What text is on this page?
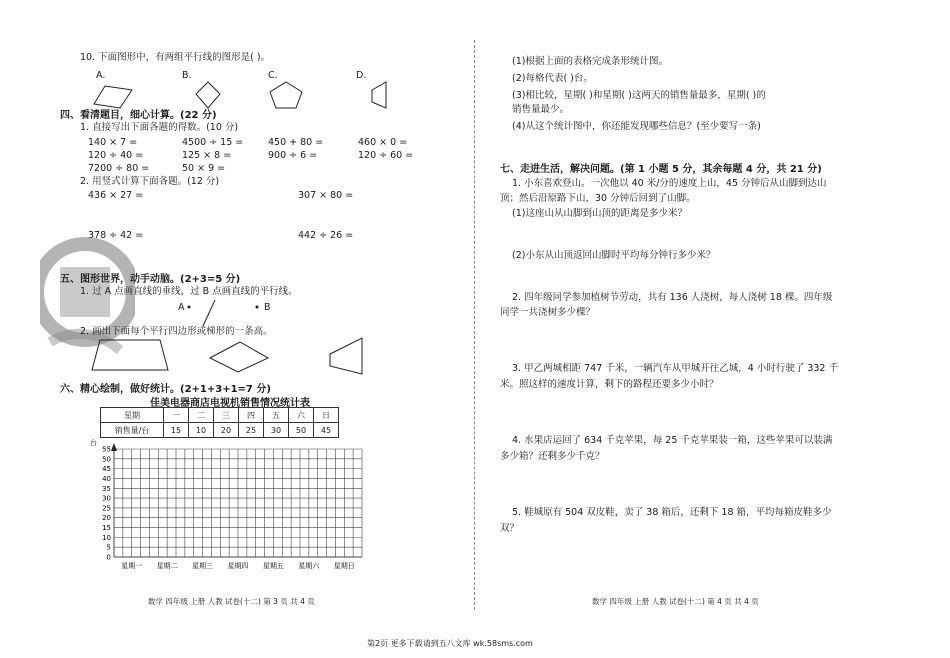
10. 下面图形中，有两组平行线的图形是( )。
A.	B.	C.	D.
四、看清题目，细心计算。(22 分)
1. 直接写出下面各题的得数。(10 分)
140 × 7 =	4500 ÷ 15 =	450 + 80 =	460 × 0 =
120 ÷ 40 =	125 × 8 =	900 ÷ 6 =	120 ÷ 60 =
7200 ÷ 80 =	50 × 9 =
2. 用竖式计算下面各题。(12 分)
436 × 27 =	307 × 80 =
378 ÷ 42 =	442 ÷ 26 =
五、图形世界，动手动脑。(2+3=5 分)
1. 过 A 点画直线的垂线，过 B 点画直线的平行线。
A	B
2. 画出下面每个平行四边形或梯形的一条高。
六、精心绘制，做好统计。(2+1+3+1=7 分)
佳美电器商店电视机销售情况统计表
星期	一	二	三	四	五	六	日
销售量/台	15	10	20	25	30	50	45
台
0
5
10
15
20
25
30
35
40
45
50
55
星期一 星期二 星期三 星期四 星期五 星期六 星期日
数学 四年级 上册 人教 试卷(十二) 第 3 页 共 4 页
(1)根据上面的表格完成条形统计图。
(2)每格代表( )台。
(3)相比较，星期( )和星期( )这两天的销售量最多，星期( )的
销售量最少。
(4)从这个统计图中，你还能发现哪些信息？(至少要写一条)
七、走进生活，解决问题。(第 1 小题 5 分，其余每题 4 分，共 21 分)
1. 小东喜欢登山。一次他以 40 米/分的速度上山，45 分钟后从山脚到达山
顶；然后沿原路下山，30 分钟后回到了山脚。
(1)这座山从山脚到山顶的距离是多少米？
(2)小东从山顶返回山脚时平均每分钟行多少米？
2. 四年级同学参加植树节劳动，共有 136 人浇树，每人浇树 18 棵。四年级
同学一共浇树多少棵？
3. 甲乙两城相距 747 千米，一辆汽车从甲城开往乙城，4 小时行驶了 332 千
米。照这样的速度计算，剩下的路程还要多少小时？
4. 水果店运回了 634 千克苹果，每 25 千克苹果装一箱，这些苹果可以装满
多少箱？还剩多少千克？
5. 鞋城原有 504 双皮鞋，卖了 38 箱后，还剩下 18 箱，平均每箱皮鞋多少
双？
数学 四年级 上册 人教 试卷(十二) 第 4 页 共 4 页
第2页 更多下载请到五八文库 wk.58sms.com
